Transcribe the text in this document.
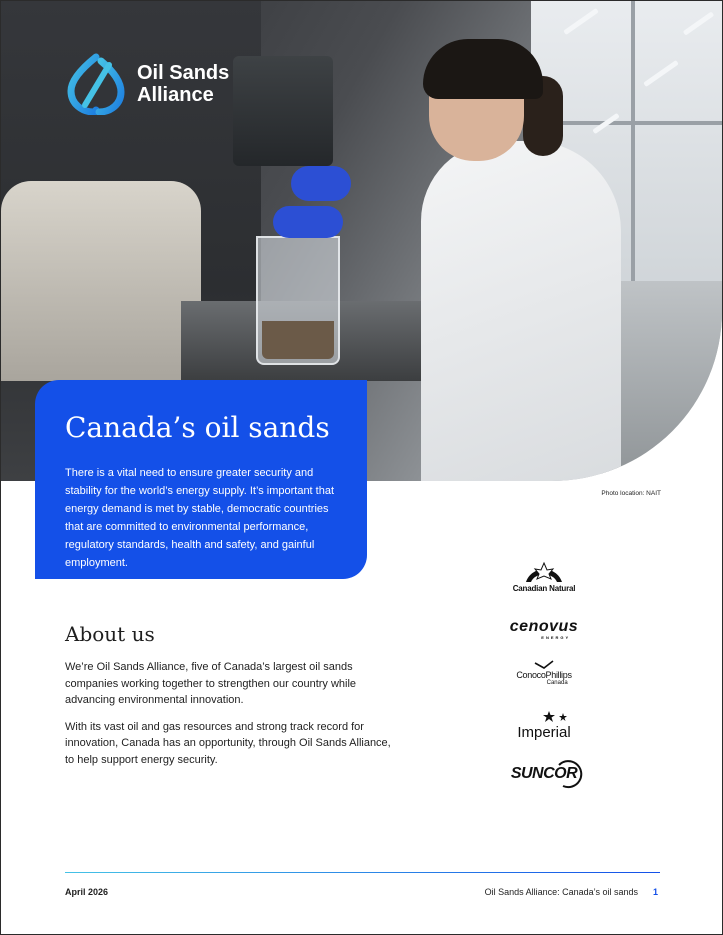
Oil Sands
Alliance
Canada’s oil sands

There is a vital need to ensure greater security and stability for the world’s energy supply. It’s important that energy demand is met by stable, democratic countries that are committed to environmental performance, regulatory standards, health and safety, and gainful employment.

Photo location: NAIT
About us

We’re Oil Sands Alliance, five of Canada’s largest oil sands companies working together to strengthen our country while advancing environmental innovation.

With its vast oil and gas resources and strong track record for innovation, Canada has an opportunity, through Oil Sands Alliance, to help support energy security.

Canadian Natural
cenovus
ENERGY
ConocoPhillips
Canada
Imperial
SUNCOR
April 2026	Oil Sands Alliance: Canada’s oil sands 1
